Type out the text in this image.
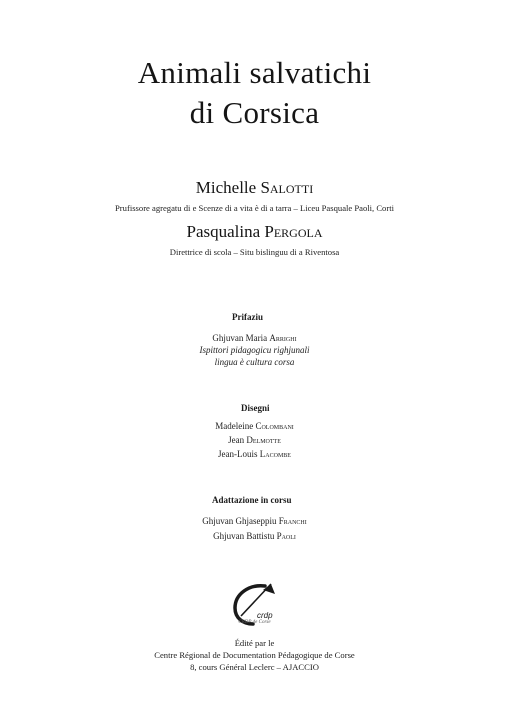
Animali salvatichi
di Corsica
Michelle Salotti
Prufissore agregatu di e Scenze di a vita è di a tarra – Liceu Pasquale Paoli, Corti
Pasqualina Pergola
Direttrice di scola – Situ bislinguu di a Riventosa
Prifaziu
Ghjuvan Maria Arrighi
Ispittori pidagogicu righjunali
lingua è cultura corsa
Disegni
Madeleine Colombani
Jean Delmotte
Jean-Louis Lacombe
Adattazione in corsu
Ghjuvan Ghjaseppiu Franchi
Ghjuvan Battistu Paoli
crdp
CRDP de Corse
Édité par le
Centre Régional de Documentation Pédagogique de Corse
8, cours Général Leclerc – AJACCIO
